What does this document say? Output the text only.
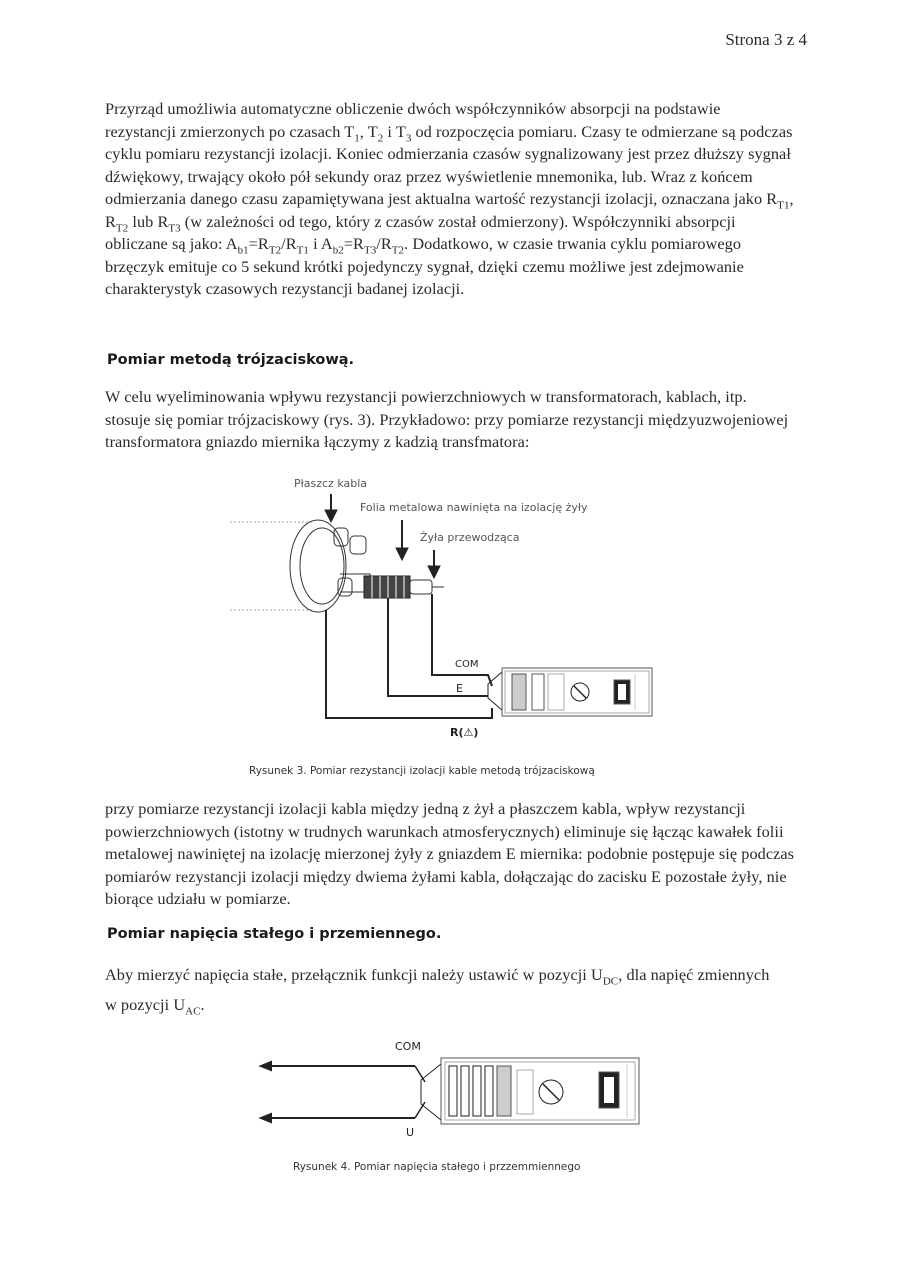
Strona 3 z 4
Przyrząd umożliwia automatyczne obliczenie dwóch współczynników absorpcji na podstawie rezystancji zmierzonych po czasach $T_1$, $T_2$ i $T_3$ od rozpoczęcia pomiaru. Czasy te odmierzane są podczas cyklu pomiaru rezystancji izolacji. Koniec odmierzania czasów sygnalizowany jest przez dłuższy sygnał dźwiękowy, trwający około pół sekundy oraz przez wyświetlenie mnemonika, lub. Wraz z końcem odmierzania danego czasu zapamiętywana jest aktualna wartość rezystancji izolacji, oznaczana jako $R_{T1}$, $R_{T2}$ lub $R_{T3}$ (w zależności od tego, który z czasów został odmierzony). Współczynniki absorpcji obliczane są jako: $A_{b1}=R_{T2}/R_{T1}$ i $A_{b2}=R_{T3}/R_{T2}$. Dodatkowo, w czasie trwania cyklu pomiarowego brzęczyk emituje co 5 sekund krótki pojedynczy sygnał, dzięki czemu możliwe jest zdejmowanie charakterystyk czasowych rezystancji badanej izolacji.
Pomiar metodą trójzaciskową.
W celu wyeliminowania wpływu rezystancji powierzchniowych w transformatorach, kablach, itp. stosuje się pomiar trójzaciskowy (rys. 3). Przykładowo: przy pomiarze rezystancji międzyuzwojeniowej transformatora gniazdo miernika łączymy z kadzią transfmatora:
Płaszcz kabla
Folia metalowa nawinięta na izolację żyły
Żyła przewodząca
COM
E
R(⚠)
Rysunek 3. Pomiar rezystancji izolacji kable metodą trójzaciskową
przy pomiarze rezystancji izolacji kabla między jedną z żył a płaszczem kabla, wpływ rezystancji powierzchniowych (istotny w trudnych warunkach atmosferycznych) eliminuje się łącząc kawałek folii metalowej nawiniętej na izolację mierzonej żyły z gniazdem E miernika: podobnie postępuje się podczas pomiarów rezystancji izolacji między dwiema żyłami kabla, dołączając do zacisku E pozostałe żyły, nie biorące udziału w pomiarze.
Pomiar napięcia stałego i przemiennego.
Aby mierzyć napięcia stałe, przełącznik funkcji należy ustawić w pozycji $U_{DC}$, dla napięć zmiennych w pozycji $U_{AC}$.
COM
U
Rysunek 4. Pomiar napięcia stałego i przzemmiennego
